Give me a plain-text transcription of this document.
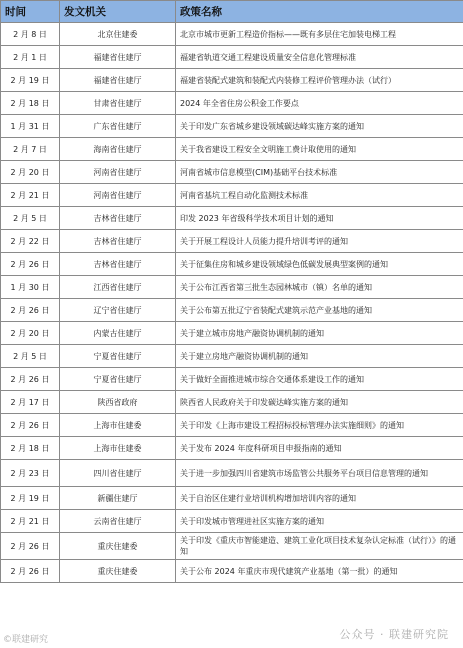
时间	发文机关	政策名称
2 月 8 日	北京住建委	北京市城市更新工程造价指标——既有多层住宅加装电梯工程
2 月 1 日	福建省住建厅	福建省轨道交通工程建设质量安全信息化管理标准
2 月 19 日	福建省住建厅	福建省装配式建筑和装配式内装修工程评价管理办法（试行）
2 月 18 日	甘肃省住建厅	2024 年全省住房公积金工作要点
1 月 31 日	广东省住建厅	关于印发广东省城乡建设领域碳达峰实施方案的通知
2 月 7 日	海南省住建厅	关于我省建设工程安全文明施工费计取使用的通知
2 月 20 日	河南省住建厅	河南省城市信息模型(CIM)基础平台技术标准
2 月 21 日	河南省住建厅	河南省基坑工程自动化监测技术标准
2 月 5 日	吉林省住建厅	印发 2023 年省级科学技术项目计划的通知
2 月 22 日	吉林省住建厅	关于开展工程设计人员能力提升培训考评的通知
2 月 26 日	吉林省住建厅	关于征集住房和城乡建设领域绿色低碳发展典型案例的通知
1 月 30 日	江西省住建厅	关于公布江西省第三批生态园林城市（镇）名单的通知
2 月 26 日	辽宁省住建厅	关于公布第五批辽宁省装配式建筑示范产业基地的通知
2 月 20 日	内蒙古住建厅	关于建立城市房地产融资协调机制的通知
2 月 5 日	宁夏省住建厅	关于建立房地产融资协调机制的通知
2 月 26 日	宁夏省住建厅	关于做好全面推进城市综合交通体系建设工作的通知
2 月 17 日	陕西省政府	陕西省人民政府关于印发碳达峰实施方案的通知
2 月 26 日	上海市住建委	关于印发《上海市建设工程招标投标管理办法实施细则》的通知
2 月 18 日	上海市住建委	关于发布 2024 年度科研项目申报指南的通知
2 月 23 日	四川省住建厅	关于进一步加强四川省建筑市场监管公共服务平台项目信息管理的通知
2 月 19 日	新疆住建厅	关于自治区住建行业培训机构增加培训内容的通知
2 月 21 日	云南省住建厅	关于印发城市管理进社区实施方案的通知
2 月 26 日	重庆住建委	关于印发《重庆市智能建造、建筑工业化项目技术复杂认定标准（试行）》的通知
2 月 26 日	重庆住建委	关于公布 2024 年重庆市现代建筑产业基地（第一批）的通知
©联建研究	公众号 · 联建研究院
